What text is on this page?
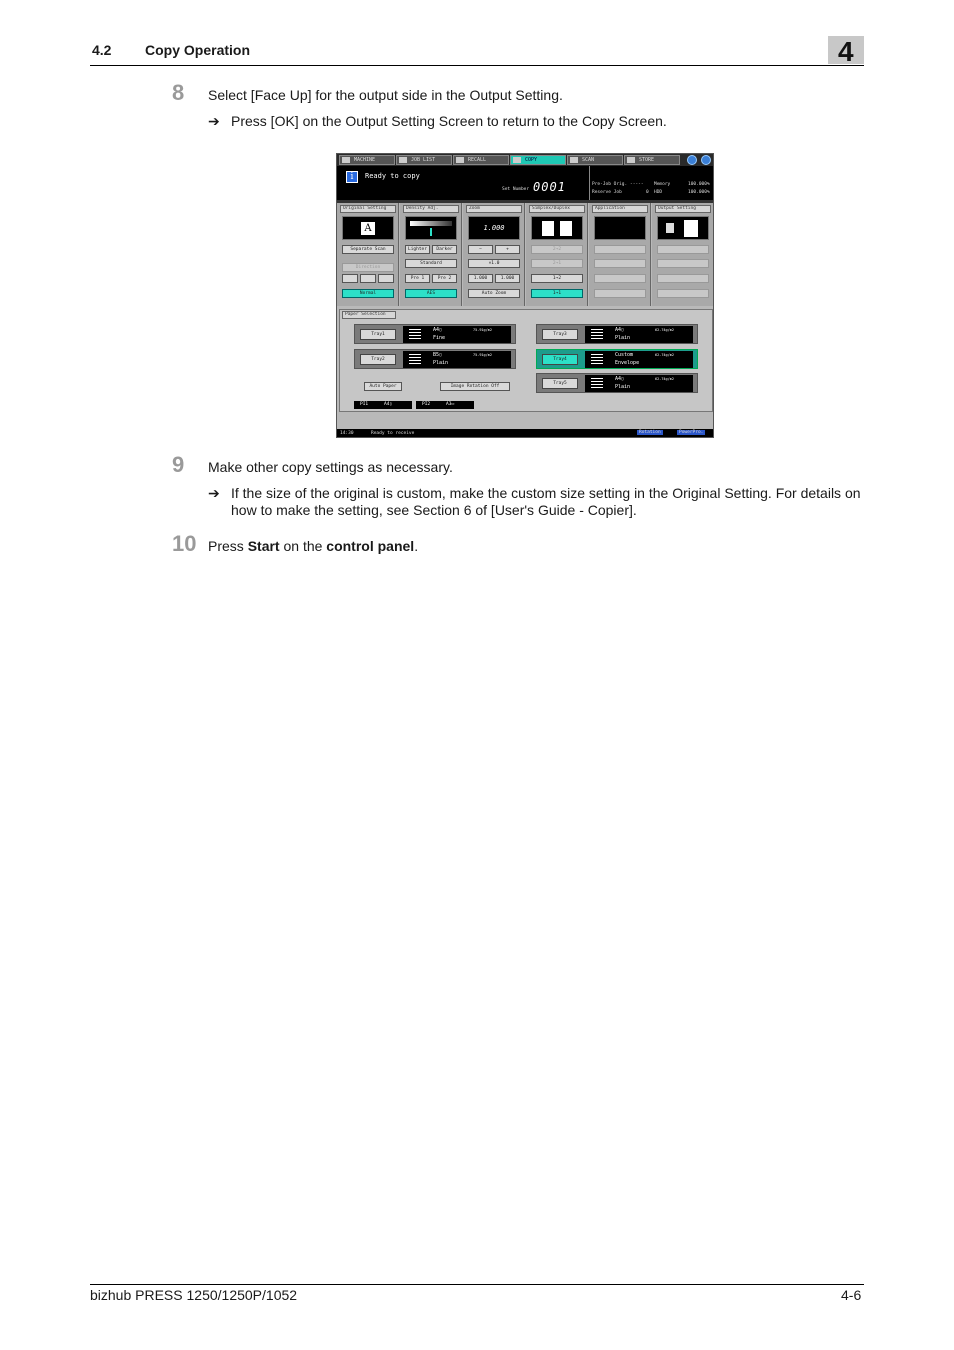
4.2 Copy Operation	4
8 Select [Face Up] for the output side in the Output Setting.
➔ Press [OK] on the Output Setting Screen to return to the Copy Screen.
MACHINE	JOB LIST	RECALL	COPY	SCAN	STORE
i	Ready to copy
Set Number 0001	Pre-Job Orig. -----
Reserve Job	0
Memory	100.000%
HDD	100.000%
Original Setting
A
Separate Scan
Direction
Normal
Density Adj.
Lighter	Darker
Standard
Pre 1	Pre 2
AES
Zoom
1.000
−	+
×1.0
1.000	1.000
Auto Zoom
Simplex/Duplex
2→2
2→1
1→2
1→1
Application	Output Setting
Paper Selection
Tray1
A4▯
Fine
75-91g/m2
Tray2
B5▯
Plain
75-91g/m2
Tray3
A4▯
Plain
62-74g/m2
Tray4
Custom
Envelope
62-74g/m2
Tray5
A4▯
Plain
62-74g/m2
Auto Paper	Image Rotation Off
PI1	A4▯	PI2	A3▭
14:30	Ready to receive	Rotation	PowerPro.
9 Make other copy settings as necessary.
➔ If the size of the original is custom, make the custom size setting in the Original Setting. For details on how to make the setting, see Section 6 of [User's Guide - Copier].
10 Press Start on the control panel.
bizhub PRESS 1250/1250P/1052	4-6
